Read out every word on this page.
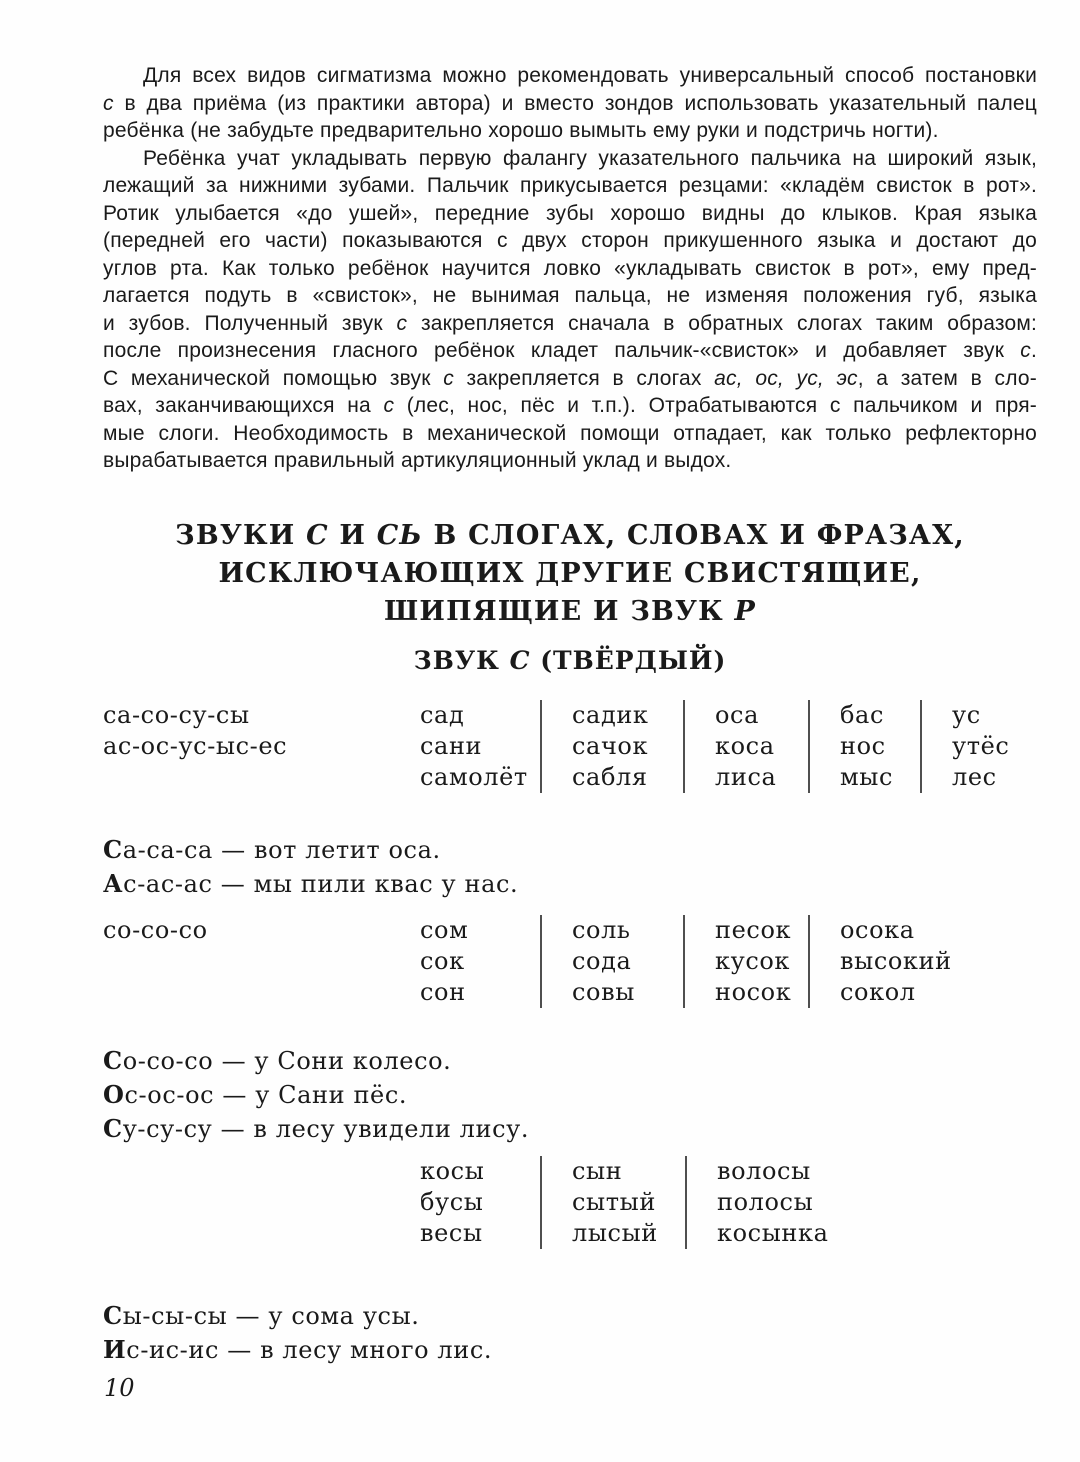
Для всех видов сигматизма можно рекомендовать универсальный способ постановки
с в два приёма (из практики автора) и вместо зондов использовать указательный палец
ребёнка (не забудьте предварительно хорошо вымыть ему руки и подстричь ногти).
Ребёнка учат укладывать первую фалангу указательного пальчика на широкий язык,
лежащий за нижними зубами. Пальчик прикусывается резцами: «кладём свисток в рот».
Ротик улыбается «до ушей», передние зубы хорошо видны до клыков. Края языка
(передней его части) показываются с двух сторон прикушенного языка и достают до
углов рта. Как только ребёнок научится ловко «укладывать свисток в рот», ему пред-
лагается подуть в «свисток», не вынимая пальца, не изменяя положения губ, языка
и зубов. Полученный звук с закрепляется сначала в обратных слогах таким образом:
после произнесения гласного ребёнок кладет пальчик-«свисток» и добавляет звук с.
С механической помощью звук с закрепляется в слогах ас, ос, ус, эс, а затем в сло-
вах, заканчивающихся на с (лес, нос, пёс и т.п.). Отрабатываются с пальчиком и пря-
мые слоги. Необходимость в механической помощи отпадает, как только рефлекторно
вырабатывается правильный артикуляционный уклад и выдох.
ЗВУКИ С И СЬ В СЛОГАХ, СЛОВАХ И ФРАЗАХ,
ИСКЛЮЧАЮЩИХ ДРУГИЕ СВИСТЯЩИЕ,
ШИПЯЩИЕ И ЗВУК Р
ЗВУК С (ТВЁРДЫЙ)
са-со-су-сы
ас-ос-ус-ыс-ес
сад
сани
самолёт
садик
сачок
сабля
оса
коса
лиса
бас
нос
мыс
ус
утёс
лес
Са-са-са — вот летит оса.
Ас-ас-ас — мы пили квас у нас.
со-со-со	сом
сок
сон
соль
сода
совы
песок
кусок
носок
осока
высокий
сокол
Со-со-со — у Сони колесо.
Ос-ос-ос — у Сани пёс.
Су-су-су — в лесу увидели лису.
косы
бусы
весы
сын
сытый
лысый
волосы
полосы
косынка
Сы-сы-сы — у сома усы.
Ис-ис-ис — в лесу много лис.
10
